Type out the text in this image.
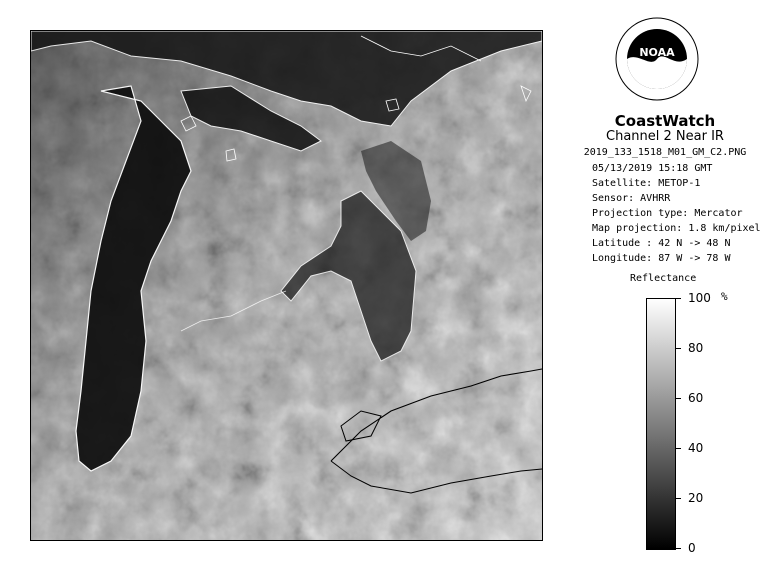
NOAA
CoastWatch
Channel 2 Near IR
2019_133_1518_M01_GM_C2.PNG
05/13/2019 15:18 GMT
Satellite: METOP-1
Sensor: AVHRR
Projection type: Mercator
Map projection: 1.8 km/pixel
Latitude : 42 N -> 48 N
Longitude: 87 W -> 78 W
Reflectance
%
100
80
60
40
20
0
